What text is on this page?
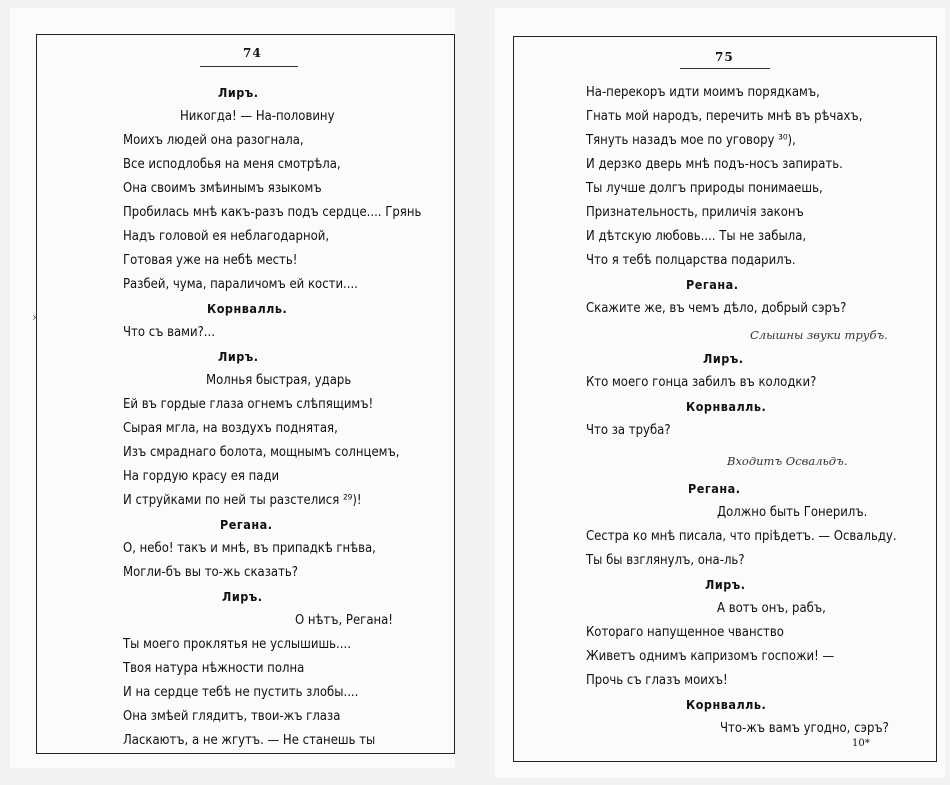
74
›
Лиръ.
Никогда! — На-половину
Моихъ людей она разогнала,
Все исподлобья на меня смотрѣла,
Она своимъ змѣинымъ языкомъ
Пробилась мнѣ какъ-разъ подъ сердце.... Грянь
Надъ головой ея неблагодарной,
Готовая уже на небѣ месть!
Разбей, чума, параличомъ ей кости....
Корнвалль.
Что съ вами?...
Лиръ.
Молнья быстрая, ударь
Ей въ гордые глаза огнемъ слѣпящимъ!
Сырая мгла, на воздухъ поднятая,
Изъ смраднаго болота, мощнымъ солнцемъ,
На гордую красу ея пади
И струйками по ней ты разстелися ²⁹)!
Регана.
О, небо! такъ и мнѣ, въ припадкѣ гнѣва,
Могли-бъ вы то-жь сказать?
Лиръ.
О нѣтъ, Регана!
Ты моего проклятья не услышишь....
Твоя натура нѣжности полна
И на сердце тебѣ не пустить злобы....
Она змѣей глядитъ, твои-жъ глаза
Ласкаютъ, а не жгутъ. — Не станешь ты
75
На-перекоръ идти моимъ порядкамъ,
Гнать мой народъ, перечить мнѣ въ рѣчахъ,
Тянуть назадъ мое по уговору ³⁰),
И дерзко дверь мнѣ подъ-носъ запирать.
Ты лучше долгъ природы понимаешь,
Признательность, приличія законъ
И дѣтскую любовь.... Ты не забыла,
Что я тебѣ полцарства подарилъ.
Регана.
Скажите же, въ чемъ дѣло, добрый сэръ?
Слышны звуки трубъ.
Лиръ.
Кто моего гонца забилъ въ колодки?
Корнвалль.
Что за труба?
Входитъ Освальдъ.
Регана.
Должно быть Гонерилъ.
Сестра ко мнѣ писала, что пріѣдетъ. — Освальду.
Ты бы взглянулъ, она-ль?
Лиръ.
А вотъ онъ, рабъ,
Котораго напущенное чванство
Живетъ однимъ капризомъ госпожи! —
Прочь съ глазъ моихъ!
Корнвалль.
Что-жъ вамъ угодно, сэръ?
10*
